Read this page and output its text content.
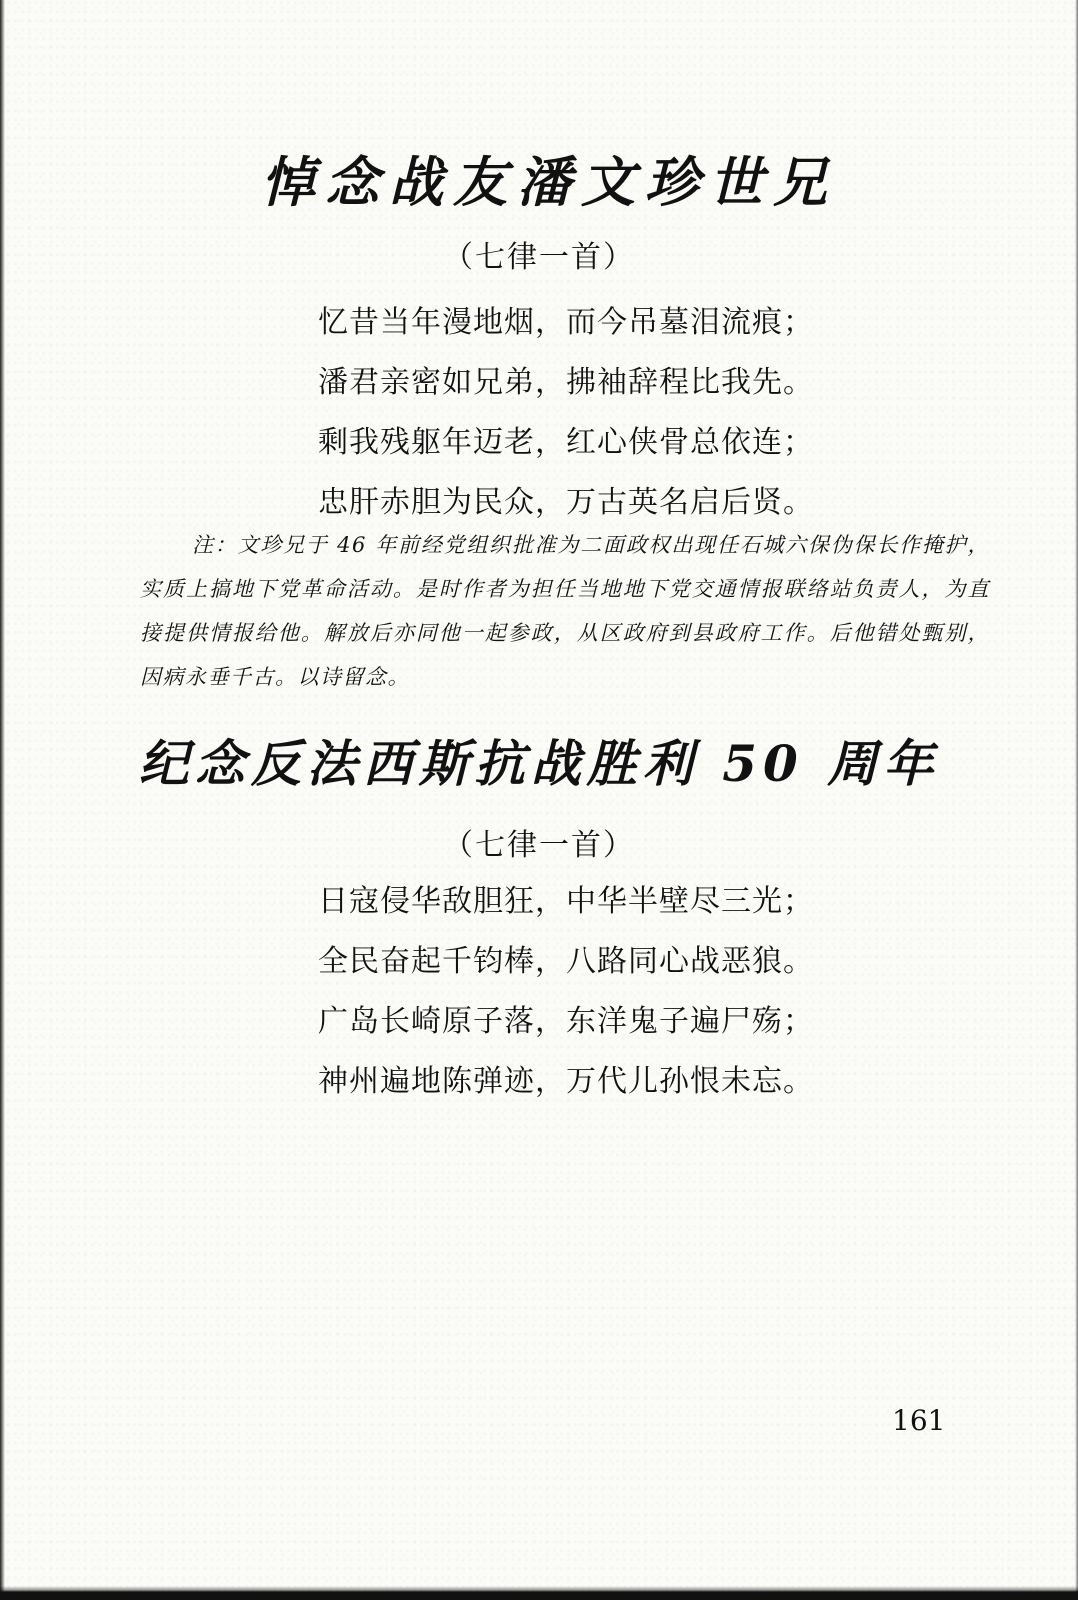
悼念战友潘文珍世兄

（七律一首）

忆昔当年漫地烟，而今吊墓泪流痕；
潘君亲密如兄弟，拂袖辞程比我先。
剩我残躯年迈老，红心侠骨总依连；
忠肝赤胆为民众，万古英名启后贤。

注：文珍兄于 46 年前经党组织批准为二面政权出现任石城六保伪保长作掩护，实质上搞地下党革命活动。是时作者为担任当地地下党交通情报联络站负责人，为直接提供情报给他。解放后亦同他一起参政，从区政府到县政府工作。后他错处甄别，因病永垂千古。以诗留念。

纪念反法西斯抗战胜利 50 周年

（七律一首）

日寇侵华敌胆狂，中华半壁尽三光；
全民奋起千钧棒，八路同心战恶狼。
广岛长崎原子落，东洋鬼子遍尸殇；
神州遍地陈弹迹，万代儿孙恨未忘。

161
